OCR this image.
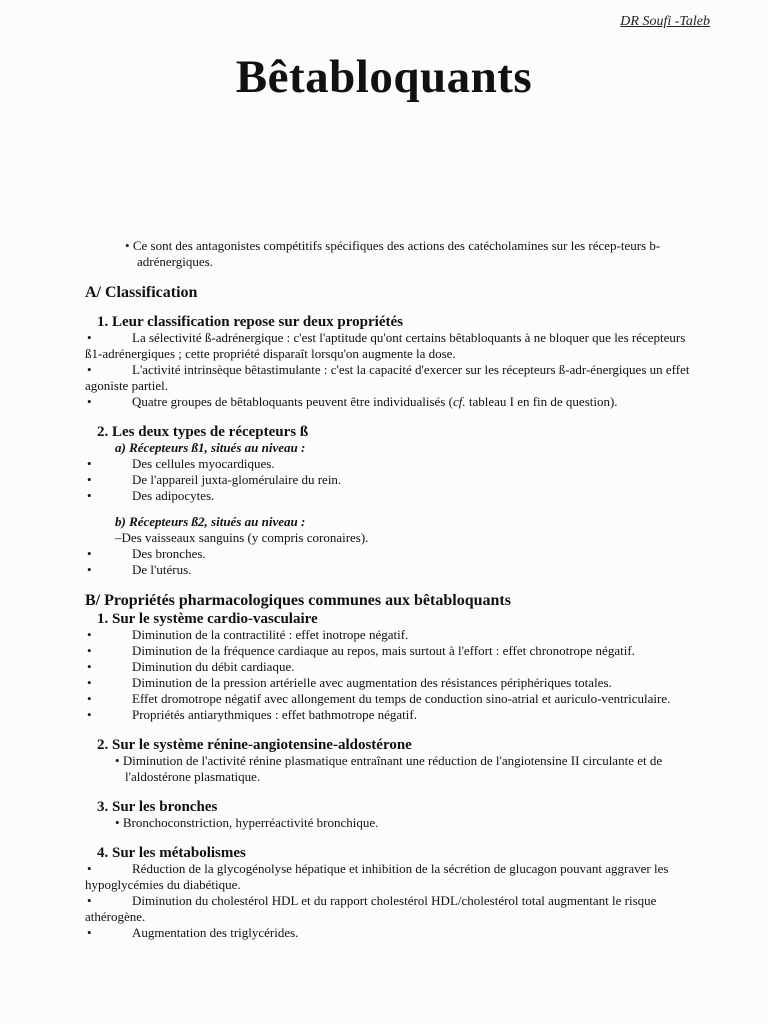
DR Soufi -Taleb
Bêtabloquants

• Ce sont des antagonistes compétitifs spécifiques des actions des catécholamines sur les récep-teurs b-adrénergiques.

A/ Classification
1. Leur classification repose sur deux propriétés
• La sélectivité ß-adrénergique : c'est l'aptitude qu'ont certains bêtabloquants à ne bloquer que les récepteurs ß1-adrénergiques ; cette propriété disparaît lorsqu'on augmente la dose.
• L'activité intrinsèque bêtastimulante : c'est la capacité d'exercer sur les récepteurs ß-adr-énergiques un effet agoniste partiel.
• Quatre groupes de bêtabloquants peuvent être individualisés (cf. tableau I en fin de question).
2. Les deux types de récepteurs ß
a) Récepteurs ß1, situés au niveau :
• Des cellules myocardiques.
• De l'appareil juxta-glomérulaire du rein.
• Des adipocytes.
b) Récepteurs ß2, situés au niveau :

–Des vaisseaux sanguins (y compris coronaires).

• Des bronches.
• De l'utérus.
B/ Propriétés pharmacologiques communes aux bêtabloquants
1. Sur le système cardio-vasculaire
• Diminution de la contractilité : effet inotrope négatif.
• Diminution de la fréquence cardiaque au repos, mais surtout à l'effort : effet chronotrope négatif.
• Diminution du débit cardiaque.
• Diminution de la pression artérielle avec augmentation des résistances périphériques totales.
• Effet dromotrope négatif avec allongement du temps de conduction sino-atrial et auriculo-ventriculaire.
• Propriétés antiarythmiques : effet bathmotrope négatif.
2. Sur le système rénine-angiotensine-aldostérone
• Diminution de l'activité rénine plasmatique entraînant une réduction de l'angiotensine II circulante et de l'aldostérone plasmatique.
3. Sur les bronches
• Bronchoconstriction, hyperréactivité bronchique.
4. Sur les métabolismes
• Réduction de la glycogénolyse hépatique et inhibition de la sécrétion de glucagon pouvant aggraver les hypoglycémies du diabétique.
• Diminution du cholestérol HDL et du rapport cholestérol HDL/cholestérol total augmentant le risque athérogène.
• Augmentation des triglycérides.
